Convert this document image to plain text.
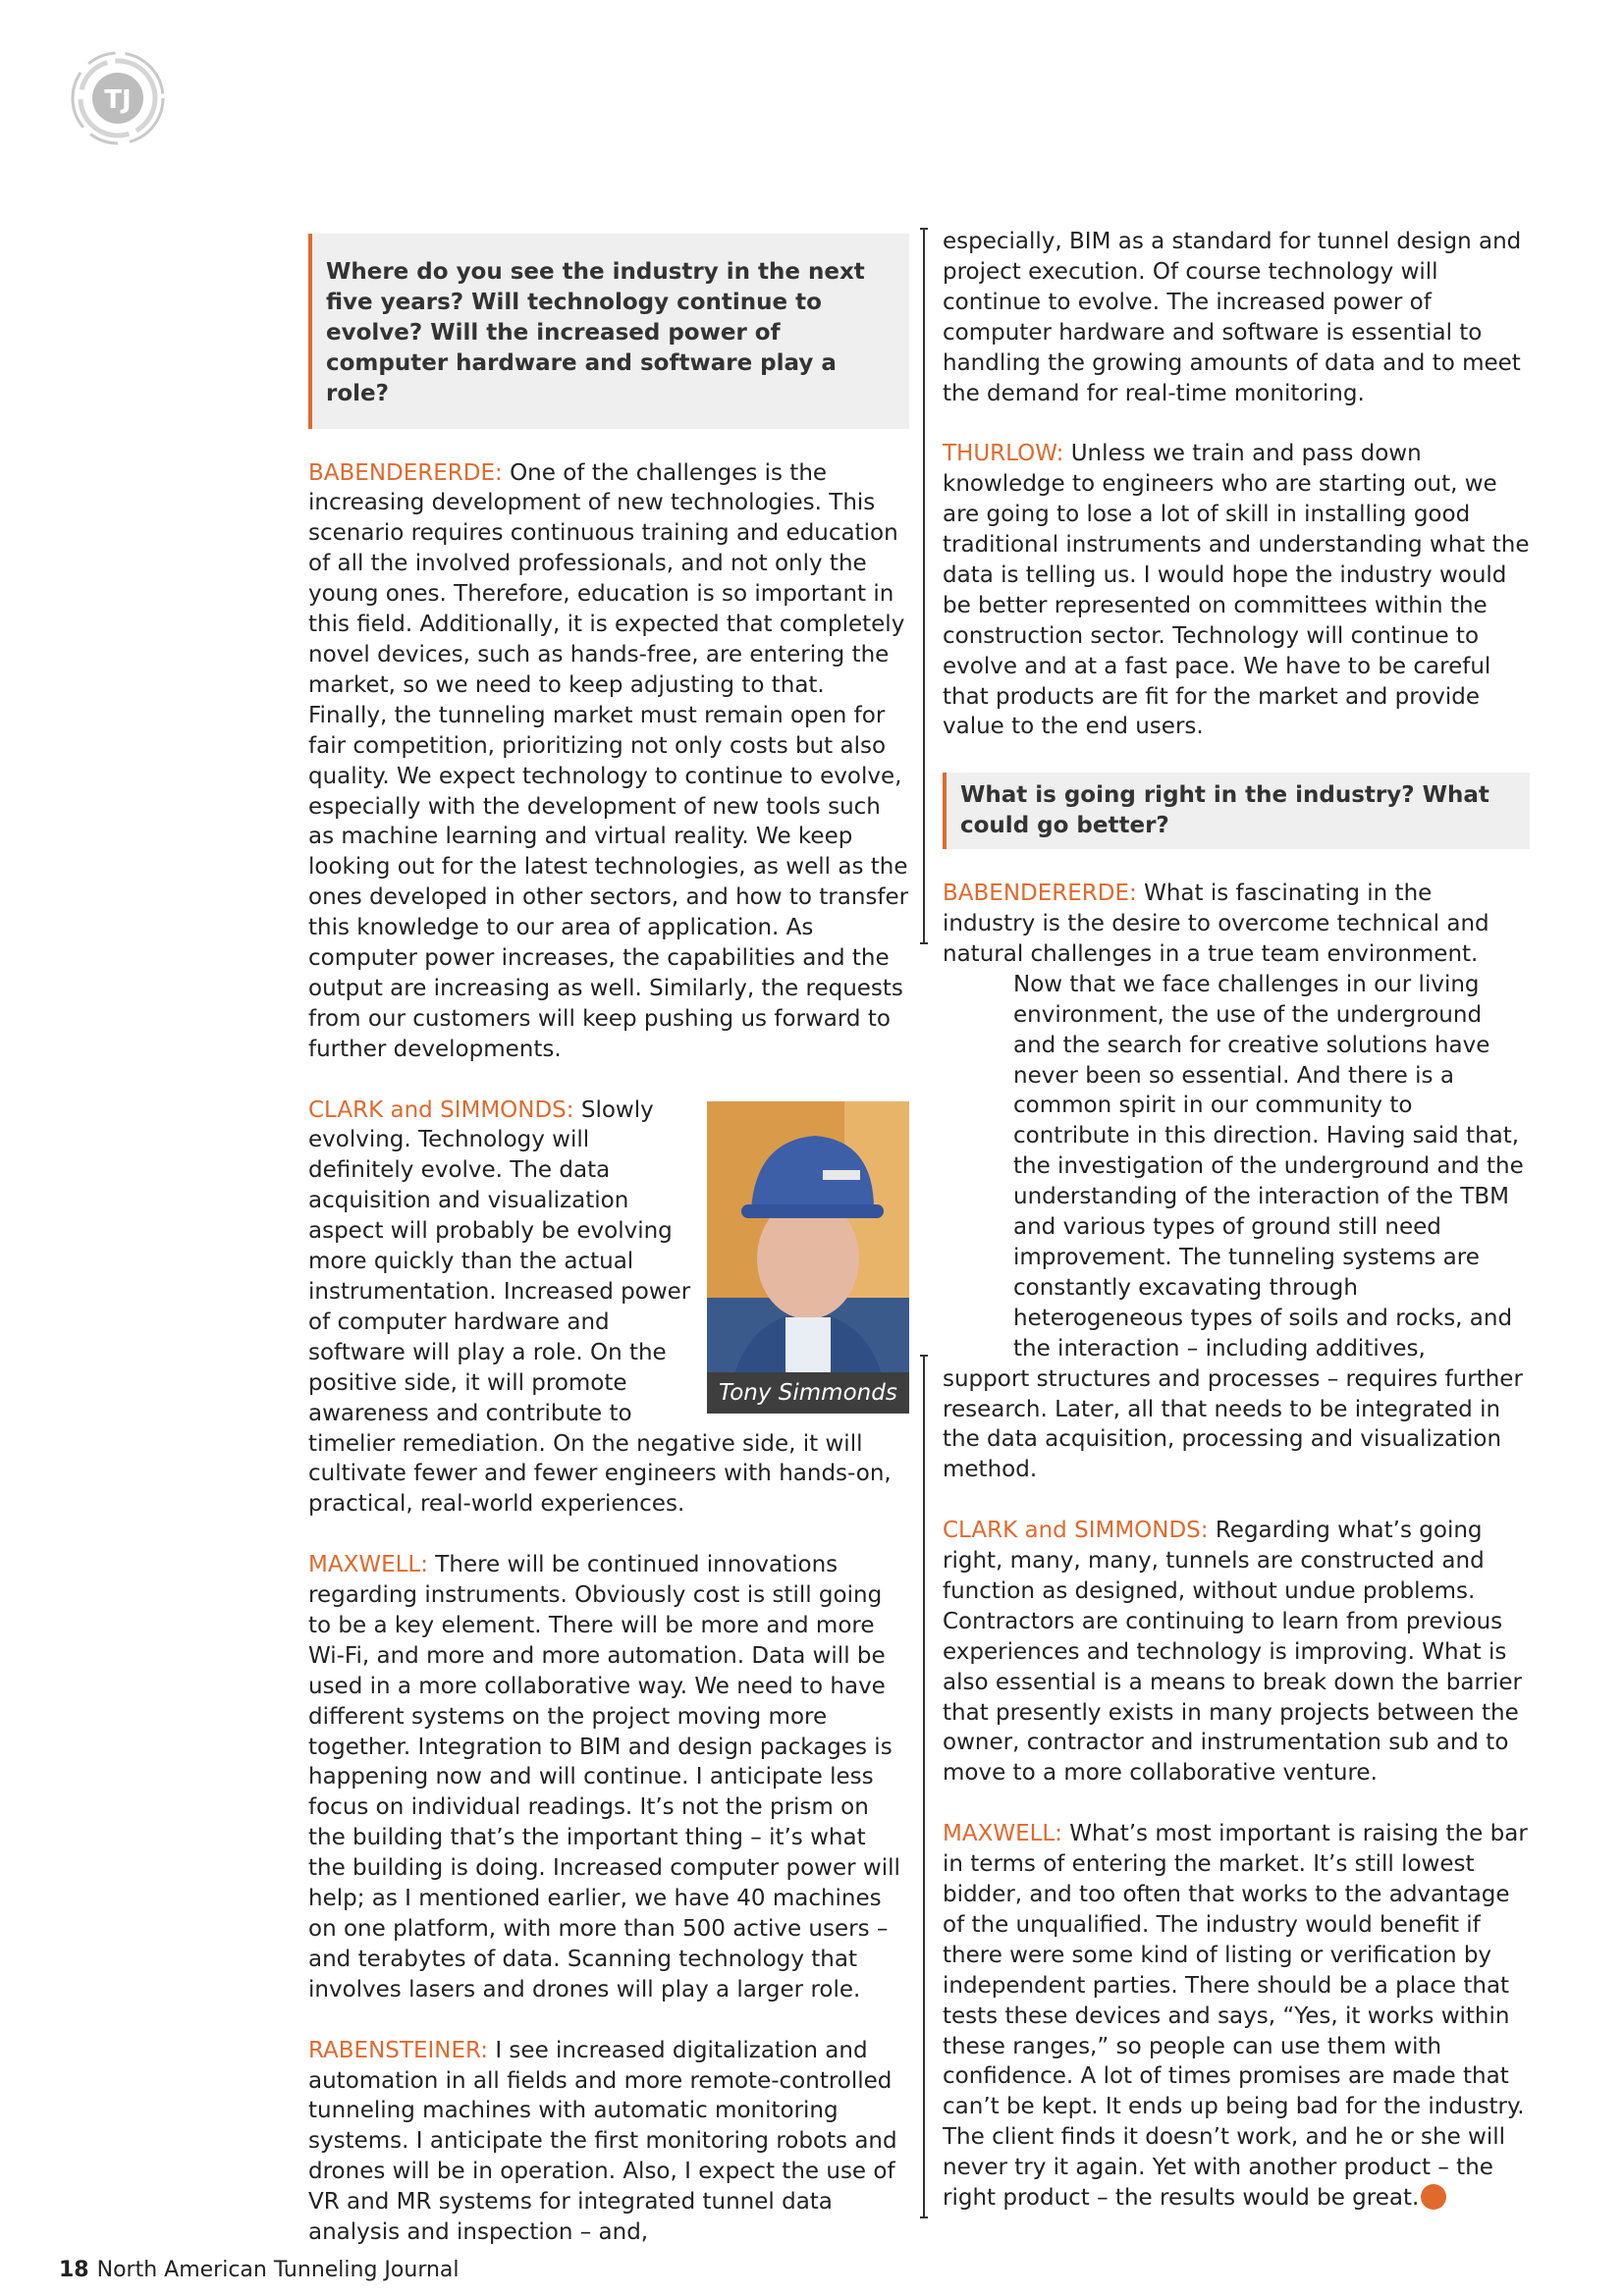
TJ
Where do you see the industry in the next five years? Will technology continue to evolve? Will the increased power of computer hardware and software play a role?

BABENDERERDE: One of the challenges is the increasing development of new technologies. This scenario requires continuous training and education of all the involved professionals, and not only the young ones. Therefore, education is so important in this field. Additionally, it is expected that completely novel devices, such as hands-free, are entering the market, so we need to keep adjusting to that. Finally, the tunneling market must remain open for fair competition, prioritizing not only costs but also quality. We expect technology to continue to evolve, especially with the development of new tools such as machine learning and virtual reality. We keep looking out for the latest technologies, as well as the ones developed in other sectors, and how to transfer this knowledge to our area of application. As computer power increases, the capabilities and the output are increasing as well. Similarly, the requests from our customers will keep pushing us forward to further developments.

Tony Simmonds
CLARK and SIMMONDS: Slowly evolving. Technology will definitely evolve. The data acquisition and visualization aspect will probably be evolving more quickly than the actual instrumentation. Increased power of computer hardware and software will play a role. On the positive side, it will promote awareness and contribute to timelier remediation. On the negative side, it will cultivate fewer and fewer engineers with hands-on, practical, real-world experiences.

MAXWELL: There will be continued innovations regarding instruments. Obviously cost is still going to be a key element. There will be more and more Wi-Fi, and more and more automation. Data will be used in a more collaborative way. We need to have different systems on the project moving more together. Integration to BIM and design packages is happening now and will continue. I anticipate less focus on individual readings. It’s not the prism on the building that’s the important thing – it’s what the building is doing. Increased computer power will help; as I mentioned earlier, we have 40 machines on one platform, with more than 500 active users – and terabytes of data. Scanning technology that involves lasers and drones will play a larger role.

RABENSTEINER: I see increased digitalization and automation in all fields and more remote-controlled tunneling machines with automatic monitoring systems. I anticipate the first monitoring robots and drones will be in operation. Also, I expect the use of VR and MR systems for integrated tunnel data analysis and inspection – and,

especially, BIM as a standard for tunnel design and project execution. Of course technology will continue to evolve. The increased power of computer hardware and software is essential to handling the growing amounts of data and to meet the demand for real-time monitoring.

THURLOW: Unless we train and pass down knowledge to engineers who are starting out, we are going to lose a lot of skill in installing good traditional instruments and understanding what the data is telling us. I would hope the industry would be better represented on committees within the construction sector. Technology will continue to evolve and at a fast pace. We have to be careful that products are fit for the market and provide value to the end users.

What is going right in the industry? What could go better?

BABENDERERDE: What is fascinating in the industry is the desire to overcome technical and natural challenges in a true team environment.

Now that we face challenges in our living environment, the use of the underground and the search for creative solutions have never been so essential. And there is a common spirit in our community to contribute in this direction. Having said that, the investigation of the underground and the understanding of the interaction of the TBM and various types of ground still need improvement. The tunneling systems are constantly excavating through heterogeneous types of soils and rocks, and the interaction – including additives,

support structures and processes – requires further research. Later, all that needs to be integrated in the data acquisition, processing and visualization method.

CLARK and SIMMONDS: Regarding what’s going right, many, many, tunnels are constructed and function as designed, without undue problems. Contractors are continuing to learn from previous experiences and technology is improving. What is also essential is a means to break down the barrier that presently exists in many projects between the owner, contractor and instrumentation sub and to move to a more collaborative venture.

MAXWELL: What’s most important is raising the bar in terms of entering the market. It’s still lowest bidder, and too often that works to the advantage of the unqualified. The industry would benefit if there were some kind of listing or verification by independent parties. There should be a place that tests these devices and says, “Yes, it works within these ranges,” so people can use them with confidence. A lot of times promises are made that can’t be kept. It ends up being bad for the industry. The client finds it doesn’t work, and he or she will never try it again. Yet with another product – the right product – the results would be great.

18 North American Tunneling Journal
